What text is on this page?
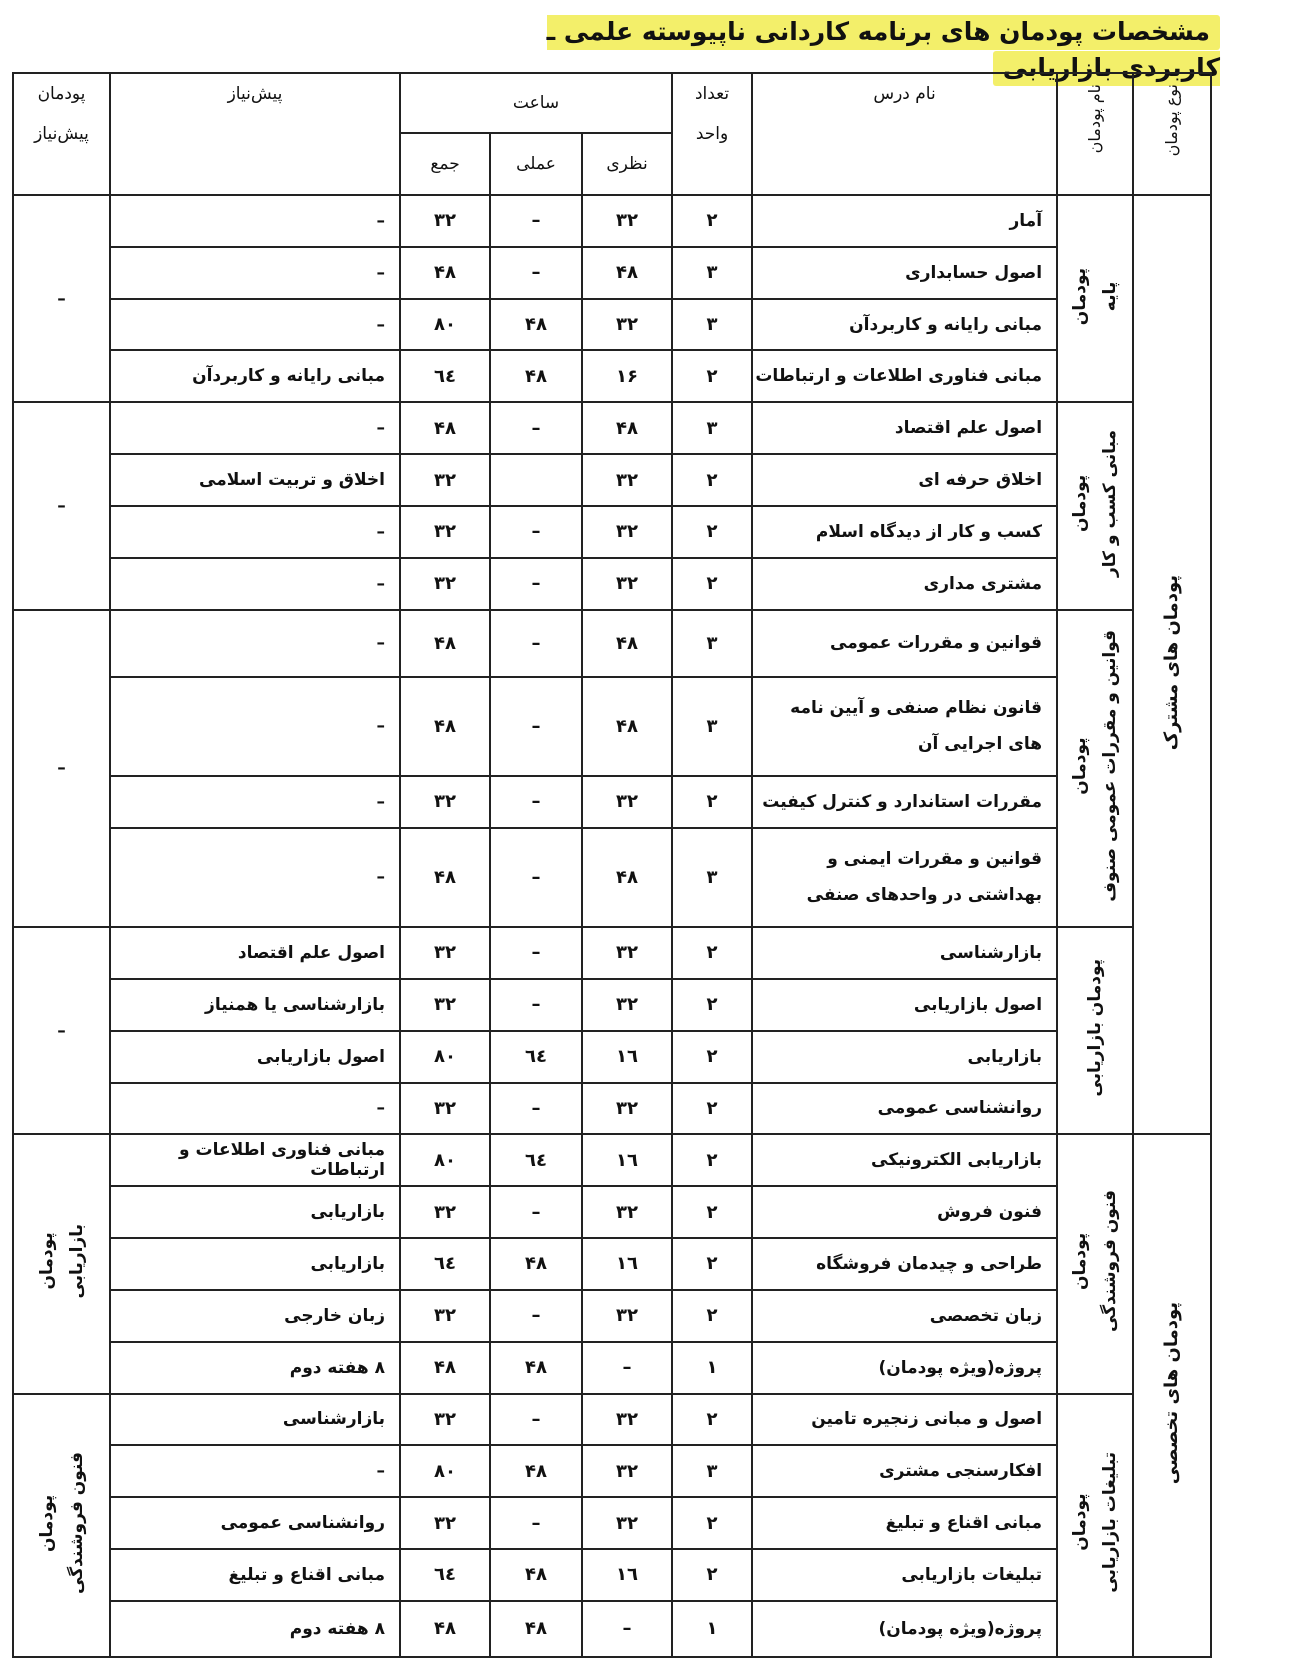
مشخصات پودمان های برنامه کاردانی ناپیوسته علمی ـ کاربردی بازاریابی
نوع پودمان	نام پودمان	نام درس	تعداد

واحد	ساعت			پیش‌نیاز	پودمان

پیش‌نیاز
				نظری	عملی	جمع		
پودمان های مشترک	پودمان پایه	آمار	۲	۳۲	–	۳۲	–	–
		اصول حسابداری	۳	۴۸	–	۴۸	–	
		مبانی رایانه و کاربردآن	۳	۳۲	۴۸	۸۰	–	
		مبانی فناوری اطلاعات و ارتباطات	۲	۱۶	۴۸	٦٤	مبانی رایانه و کاربردآن	
	پودمان مبانی کسب و کار	اصول علم اقتصاد	۳	۴۸	–	۴۸	–	–
		اخلاق حرفه ای	۲	۳۲		۳۲	اخلاق و تربیت اسلامی	
		کسب و کار از دیدگاه اسلام	۲	۳۲	–	۳۲	–	
		مشتری مداری	۲	۳۲	–	۳۲	–	
	پودمان قوانین و مقررات عمومی صنوف	قوانین و مقررات عمومی	۳	۴۸	–	۴۸	–	–
		قانون نظام صنفی و آیین نامه های اجرایی آن	۳	۴۸	–	۴۸	–	
		مقررات استاندارد و کنترل کیفیت	۲	۳۲	–	۳۲	–	
		قوانین و مقررات ایمنی و بهداشتی در واحدهای صنفی	۳	۴۸	–	۴۸	–	
	پودمان بازاریابی	بازارشناسی	۲	۳۲	–	۳۲	اصول علم اقتصاد	–
		اصول بازاریابی	۲	۳۲	–	۳۲	بازارشناسی یا همنیاز	
		بازاریابی	۲	۱٦	٦٤	۸۰	اصول بازاریابی	
		روانشناسی عمومی	۲	۳۲	–	۳۲	–	
پودمان های تخصصی	پودمان فنون فروشندگی	بازاریابی الکترونیکی	۲	۱٦	٦٤	۸۰	مبانی فناوری اطلاعات و ارتباطات	پودمان بازاریابی
		فنون فروش	۲	۳۲	–	۳۲	بازاریابی	
		طراحی و چیدمان فروشگاه	۲	۱٦	۴۸	٦٤	بازاریابی	
		زبان تخصصی	۲	۳۲	–	۳۲	زبان خارجی	
		پروژه(ویژه پودمان)	۱	–	۴۸	۴۸	۸ هفته دوم	
	پودمان تبلیغات بازاریابی	اصول و مبانی زنجیره تامین	۲	۳۲	–	۳۲	بازارشناسی	پودمان فنون فروشندگی
		افکارسنجی مشتری	۳	۳۲	۴۸	۸۰	–	
		مبانی اقناع و تبلیغ	۲	۳۲	–	۳۲	روانشناسی عمومی	
		تبلیغات بازاریابی	۲	۱٦	۴۸	٦٤	مبانی اقناع و تبلیغ	
		پروژه(ویژه پودمان)	۱	–	۴۸	۴۸	۸ هفته دوم	
